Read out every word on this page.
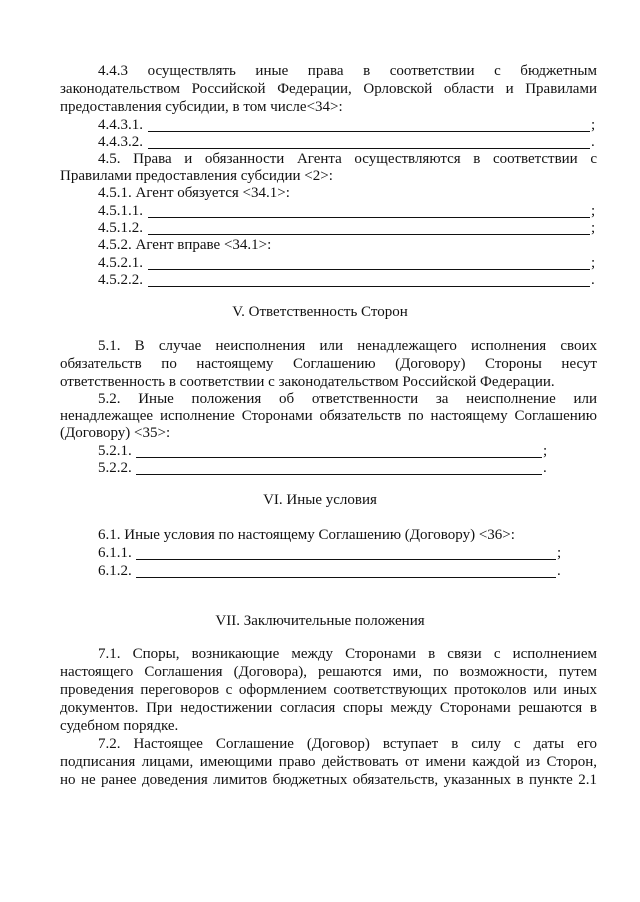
4.4.3 осуществлять иные права в соответствии с бюджетным
законодательством Российской Федерации, Орловской области и Правилами
предоставления субсидии, в том числе<34>:
4.4.3.1.	;
4.4.3.2.	.
4.5. Права и обязанности Агента осуществляются в соответствии с
Правилами предоставления субсидии <2>:
4.5.1. Агент обязуется <34.1>:
4.5.1.1.	;
4.5.1.2.	;
4.5.2. Агент вправе <34.1>:
4.5.2.1.	;
4.5.2.2.	.
V. Ответственность Сторон
5.1. В случае неисполнения или ненадлежащего исполнения своих
обязательств по настоящему Соглашению (Договору) Стороны несут
ответственность в соответствии с законодательством Российской Федерации.
5.2. Иные положения об ответственности за неисполнение или
ненадлежащее исполнение Сторонами обязательств по настоящему Соглашению
(Договору) <35>:
5.2.1.	;
5.2.2.	.
VI. Иные условия
6.1. Иные условия по настоящему Соглашению (Договору) <36>:
6.1.1.	;
6.1.2.	.
VII. Заключительные положения
7.1. Споры, возникающие между Сторонами в связи с исполнением
настоящего Соглашения (Договора), решаются ими, по возможности, путем
проведения переговоров с оформлением соответствующих протоколов или иных
документов. При недостижении согласия споры между Сторонами решаются в
судебном порядке.
7.2. Настоящее Соглашение (Договор) вступает в силу с даты его
подписания лицами, имеющими право действовать от имени каждой из Сторон,
но не ранее доведения лимитов бюджетных обязательств, указанных в пункте 2.1
